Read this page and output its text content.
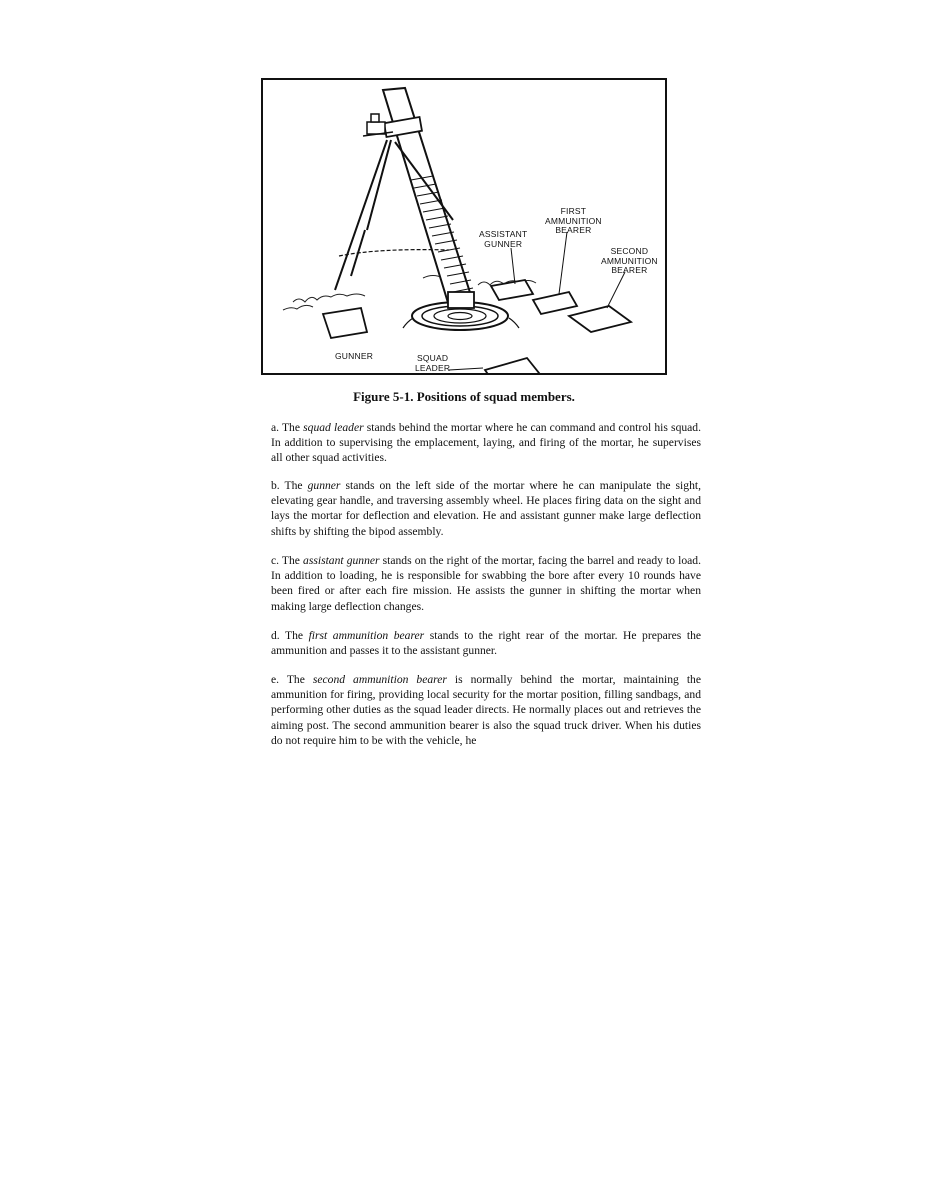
GUNNER	SQUAD
LEADER
ASSISTANT
GUNNER
FIRST
AMMUNITION
BEARER
SECOND
AMMUNITION
BEARER
Figure 5-1. Positions of squad members.

a. The squad leader stands behind the mortar where he can command and control his squad. In addition to supervising the emplacement, laying, and firing of the mortar, he supervises all other squad activities.

b. The gunner stands on the left side of the mortar where he can manipulate the sight, elevating gear handle, and traversing assembly wheel. He places firing data on the sight and lays the mortar for deflection and elevation. He and assistant gunner make large deflection shifts by shifting the bipod assembly.

c. The assistant gunner stands on the right of the mortar, facing the barrel and ready to load. In addition to loading, he is responsible for swabbing the bore after every 10 rounds have been fired or after each fire mission. He assists the gunner in shifting the mortar when making large deflection changes.

d. The first ammunition bearer stands to the right rear of the mortar. He prepares the ammunition and passes it to the assistant gunner.

e. The second ammunition bearer is normally behind the mortar, maintaining the ammunition for firing, providing local security for the mortar position, filling sandbags, and performing other duties as the squad leader directs. He normally places out and retrieves the aiming post. The second ammunition bearer is also the squad truck driver. When his duties do not require him to be with the vehicle, he
